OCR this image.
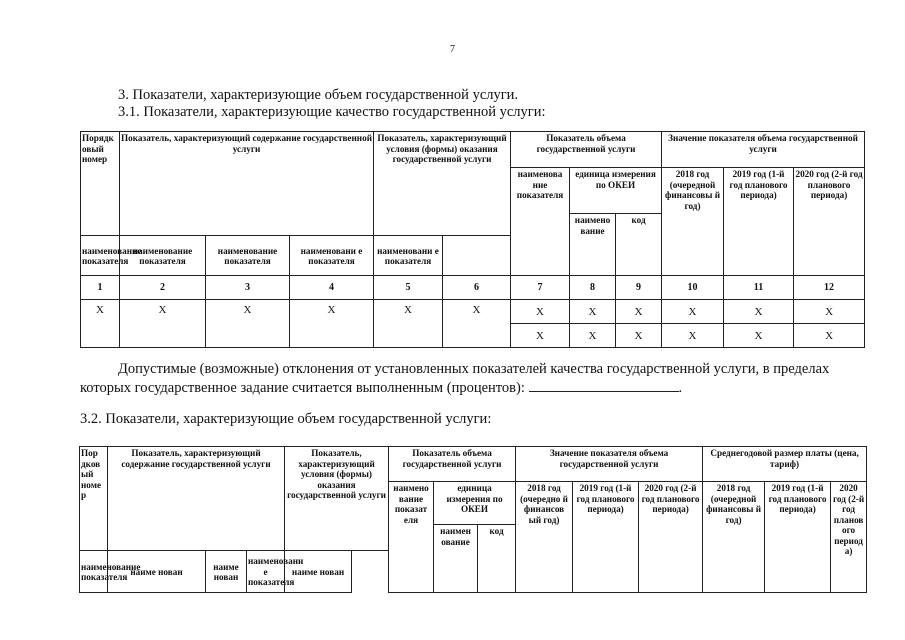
7
3. Показатели, характеризующие объем государственной услуги.
3.1. Показатели, характеризующие качество государственной услуги:
Порядк овый номер	Показатель, характеризующий содержание государственной услуги			Показатель, характеризующий условия (формы) оказания государственной услуги		Показатель объема государственной услуги			Значение показателя объема государственной услуги		
						наименова ние показателя	единица измерения по ОКЕИ		2018 год (очередной финансовы й год)	2019 год (1-й год планового периода)	2020 год (2-й год планового периода)
							наимено вание	код			
наименование показателя	наименование показателя	наименование показателя	наименовани е показателя	наименовани е показателя							
1	2	3	4	5	6	7	8	9	10	11	12
Х	Х	Х	Х	Х	Х	Х	Х	Х	Х	Х	Х
						Х	Х	Х	Х	Х	Х
Допустимые (возможные) отклонения от установленных показателей качества государственной услуги, в пределах которых государственное задание считается выполненным (процентов):	.
3.2. Показатели, характеризующие объем государственной услуги:
Пор дков ый номе р	Показатель, характеризующий содержание государственной услуги			Показатель, характеризующий условия (формы) оказания государственной услуги	Показатель объема государственной услуги			Значение показателя объема государственной услуги			Среднегодовой размер платы (цена, тариф)		
					наимено вание показат еля	единица измерения по ОКЕИ		2018 год (очередно й финансов ый год)	2019 год (1-й год планового периода)	2020 год (2-й год планового периода)	2018 год (очередной финансовы й год)	2019 год (1-й год планового периода)	2020 год (2-й год планов ого период а)
						наимен ование	код						
наименование показателя	наиме нован	наиме нован	наименовани е показателя	наиме нован									
